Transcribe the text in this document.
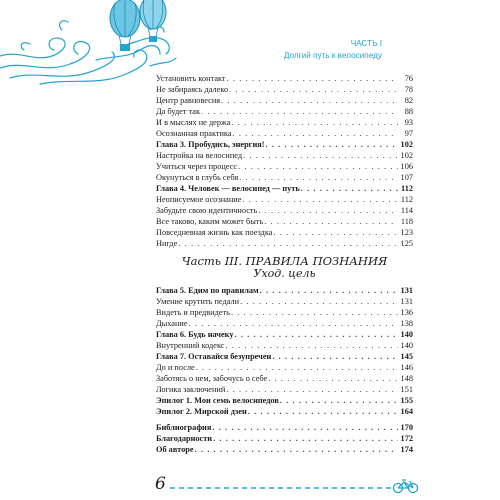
ЧАСТЬ I
Долгий путь к велосипеду
Установить контакт . . .	76
Не забираясь далеко . . .	78
Центр равновесия . . .	82
Да будет так . . .	88
И в мыслях не держа . . .	93
Осознанная практика . . .	97
Глава 3. Пробудись, энергия! . . .	102
Настройка на велосипед . . .	102
Учиться через процесс . . .	106
Окунуться в глубь себя . . .	107
Глава 4. Человек — велосипед — путь . . .	112
Неописуемое осознание . . .	112
Забудьте свою идентичность . . .	114
Все таково, каким может быть . . .	118
Повседневная жизнь как поездка . . .	123
Нигде . . .	125
Часть III. ПРАВИЛА ПОЗНАНИЯ
Уход. цель
Глава 5. Едим по правилам . . .	131
Умение крутить педали . . .	131
Видеть и предвидеть . . .	136
Дыхание . . .	138
Глава 6. Будь начеку . . .	140
Внутренний кодекс . . .	140
Глава 7. Оставайся безупречен . . .	145
До и после . . .	146
Заботясь о нем, забочусь о себе . . .	148
Логика заключений . . .	151
Эпилог 1. Мои семь велосипедов . . .	155
Эпилог 2. Мирской дзен . . .	164
Библиография . . .	170
Благодарности . . .	172
Об авторе . . .	174
6
